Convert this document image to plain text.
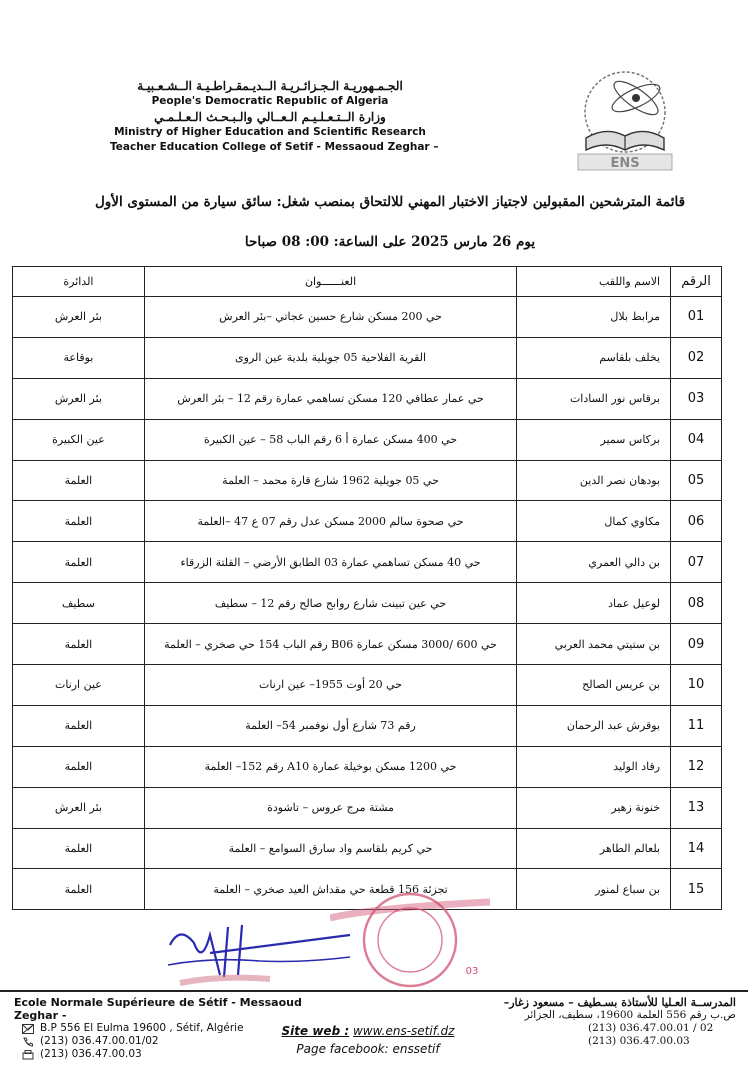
الجـمـهوريـة الـجـزائـريـة الــديـمقـراطـيـة الــشـعـبيـة
People's Democratic Republic of Algeria
وزارة الــتـعـلـيـم الـعــالي والـبـحـث الـعـلـمـي
Ministry of Higher Education and Scientific Research
Teacher Education College of Setif - Messaoud Zeghar –
ENS
قائمة المترشحين المقبولين لاجتياز الاختبار المهني للالتحاق بمنصب شغل: سائق سيارة من المستوى الأول
يوم 26 مارس 2025 على الساعة: 00: 08 صباحا
الرقم	الاسم واللقب	العنــــــوان	الدائرة
01	مرابط بلال	حي 200 مسكن شارع حسين عجاتي –بئر العرش	بئر العرش
02	يخلف بلقاسم	القرية الفلاحية 05 جويلية بلدية عين الروى	بوقاعة
03	برقاس نور السادات	حي عمار عطافي 120 مسكن تساهمي عمارة رقم 12 – بئر العرش	بئر العرش
04	بركاس سمير	حي 400 مسكن عمارة أ 6 رقم الباب 58 – عين الكبيرة	عين الكبيرة
05	بودهان نصر الدين	حي 05 جويلية 1962 شارع قارة محمد – العلمة	العلمة
06	مكاوي كمال	حي صحوة سالم 2000 مسكن عدل رقم 07 ع 47 –العلمة	العلمة
07	بن دالي العمري	حي 40 مسكن تساهمي عمارة 03 الطابق الأرضي – القلتة الزرقاء	العلمة
08	لوعيل عماد	حي عين تبينت شارع روابح صالح رقم 12 – سطيف	سطيف
09	بن ستيتي محمد العربي	حي 600 /3000 مسكن عمارة B06 رقم الباب 154 حي صخري – العلمة	العلمة
10	بن عريس الصالح	حي 20 أوت 1955– عين ارنات	عين ارنات
11	بوقرش عبد الرحمان	رقم 73 شارع أول نوفمبر 54– العلمة	العلمة
12	رقاد الوليد	حي 1200 مسكن بوخيلة عمارة A10 رقم 152– العلمة	العلمة
13	خنونة زهير	مشتة مرج عروس – تاشودة	بئر العرش
14	بلعالم الطاهر	حي كريم بلقاسم واد سارق السوامع – العلمة	العلمة
15	بن سباع لمنور	تجزئة 156 قطعة حي مقداش العيد صخري – العلمة	العلمة
03
Ecole Normale Supérieure de Sétif - Messaoud Zeghar -
B.P 556 El Eulma 19600 , Sétif, Algérie
(213) 036.47.00.01/02
(213) 036.47.00.03
Site web : www.ens-setif.dz
Page facebook: enssetif
المدرســة العـليا للأستاذة بسـطيف – مسعود زغار–
ص.ب رقم 556 العلمة 19600، سطيف، الجزائر
(213) 036.47.00.01 / 02
(213) 036.47.00.03
